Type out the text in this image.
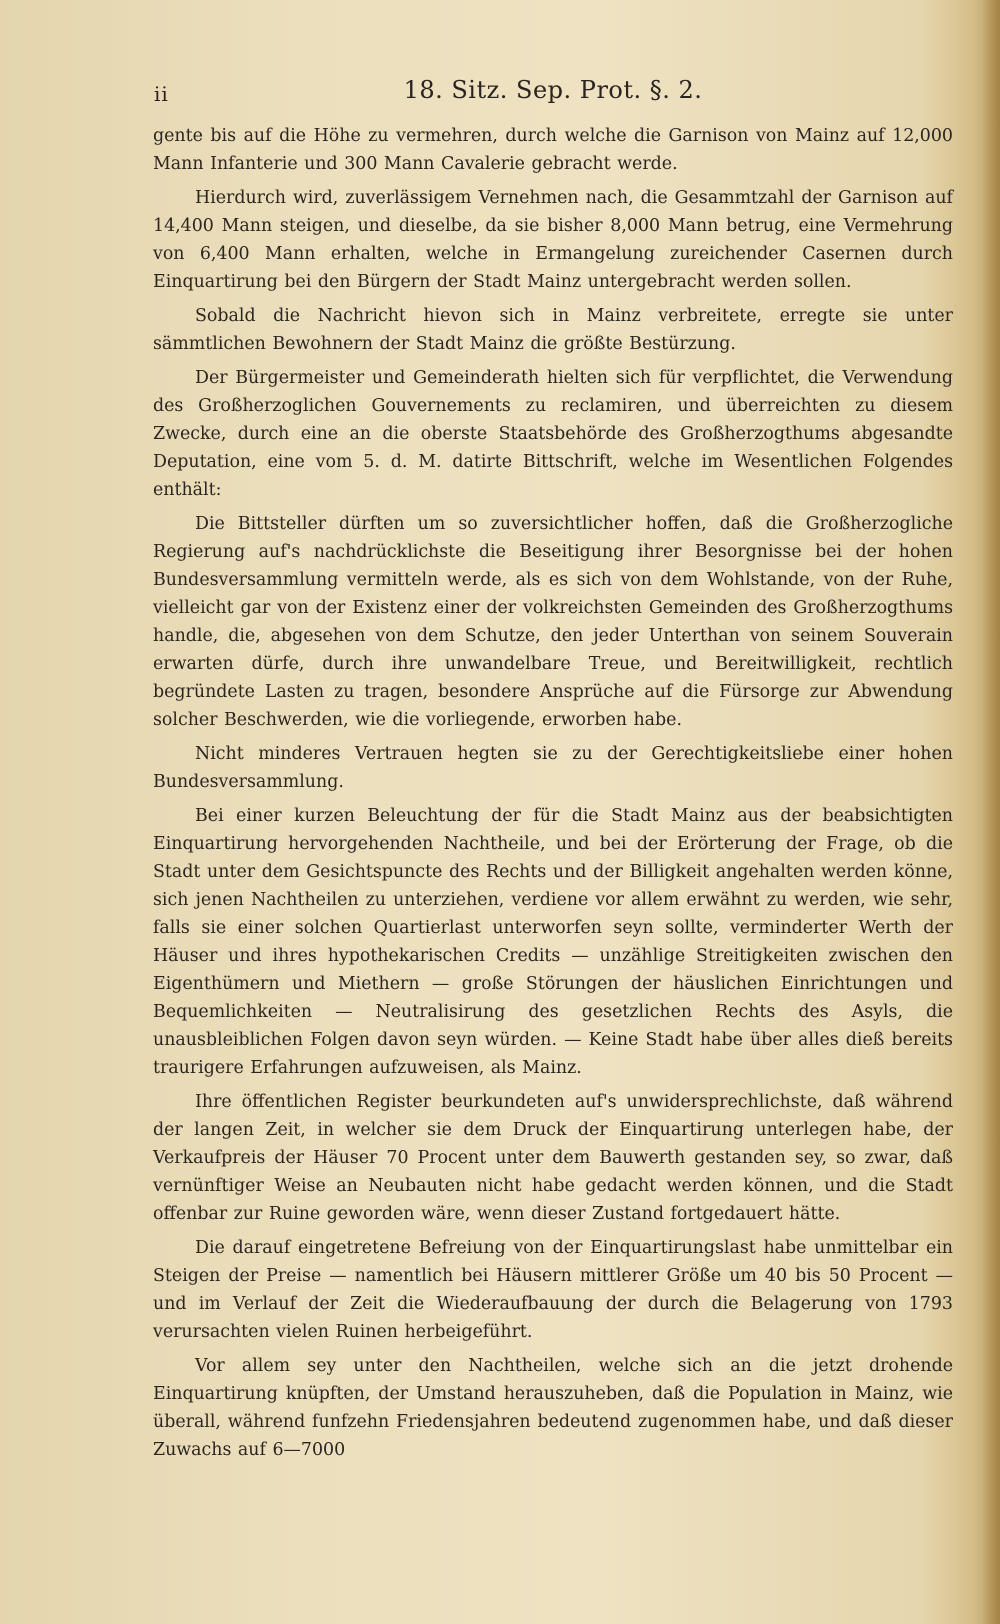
ii	18. Sitz. Sep. Prot. §. 2.

gente bis auf die Höhe zu vermehren, durch welche die Garnison von Mainz auf 12,000 Mann Infanterie und 300 Mann Cavalerie gebracht werde.

Hierdurch wird, zuverlässigem Vernehmen nach, die Gesammtzahl der Garnison auf 14,400 Mann steigen, und dieselbe, da sie bisher 8,000 Mann betrug, eine Vermehrung von 6,400 Mann erhalten, welche in Ermangelung zureichender Casernen durch Einquartirung bei den Bürgern der Stadt Mainz untergebracht werden sollen.

Sobald die Nachricht hievon sich in Mainz verbreitete, erregte sie unter sämmtlichen Bewohnern der Stadt Mainz die größte Bestürzung.

Der Bürgermeister und Gemeinderath hielten sich für verpflichtet, die Verwendung des Großherzoglichen Gouvernements zu reclamiren, und überreichten zu diesem Zwecke, durch eine an die oberste Staatsbehörde des Großherzogthums abgesandte Deputation, eine vom 5. d. M. datirte Bittschrift, welche im Wesentlichen Folgendes enthält:

Die Bittsteller dürften um so zuversichtlicher hoffen, daß die Großherzogliche Regierung auf's nachdrücklichste die Beseitigung ihrer Besorgnisse bei der hohen Bundesversammlung vermitteln werde, als es sich von dem Wohlstande, von der Ruhe, vielleicht gar von der Existenz einer der volkreichsten Gemeinden des Großherzogthums handle, die, abgesehen von dem Schutze, den jeder Unterthan von seinem Souverain erwarten dürfe, durch ihre unwandelbare Treue, und Bereitwilligkeit, rechtlich begründete Lasten zu tragen, besondere Ansprüche auf die Fürsorge zur Abwendung solcher Beschwerden, wie die vorliegende, erworben habe.

Nicht minderes Vertrauen hegten sie zu der Gerechtigkeitsliebe einer hohen Bundesversammlung.

Bei einer kurzen Beleuchtung der für die Stadt Mainz aus der beabsichtigten Einquartirung hervorgehenden Nachtheile, und bei der Erörterung der Frage, ob die Stadt unter dem Gesichtspuncte des Rechts und der Billigkeit angehalten werden könne, sich jenen Nachtheilen zu unterziehen, verdiene vor allem erwähnt zu werden, wie sehr, falls sie einer solchen Quartierlast unterworfen seyn sollte, verminderter Werth der Häuser und ihres hypothekarischen Credits — unzählige Streitigkeiten zwischen den Eigenthümern und Miethern — große Störungen der häuslichen Einrichtungen und Bequemlichkeiten — Neutralisirung des gesetzlichen Rechts des Asyls, die unausbleiblichen Folgen davon seyn würden. — Keine Stadt habe über alles dieß bereits traurigere Erfahrungen aufzuweisen, als Mainz.

Ihre öffentlichen Register beurkundeten auf's unwidersprechlichste, daß während der langen Zeit, in welcher sie dem Druck der Einquartirung unterlegen habe, der Verkaufpreis der Häuser 70 Procent unter dem Bauwerth gestanden sey, so zwar, daß vernünftiger Weise an Neubauten nicht habe gedacht werden können, und die Stadt offenbar zur Ruine geworden wäre, wenn dieser Zustand fortgedauert hätte.

Die darauf eingetretene Befreiung von der Einquartirungslast habe unmittelbar ein Steigen der Preise — namentlich bei Häusern mittlerer Größe um 40 bis 50 Procent — und im Verlauf der Zeit die Wiederaufbauung der durch die Belagerung von 1793 verursachten vielen Ruinen herbeigeführt.

Vor allem sey unter den Nachtheilen, welche sich an die jetzt drohende Einquartirung knüpften, der Umstand herauszuheben, daß die Population in Mainz, wie überall, während funfzehn Friedensjahren bedeutend zugenommen habe, und daß dieser Zuwachs auf 6—7000
